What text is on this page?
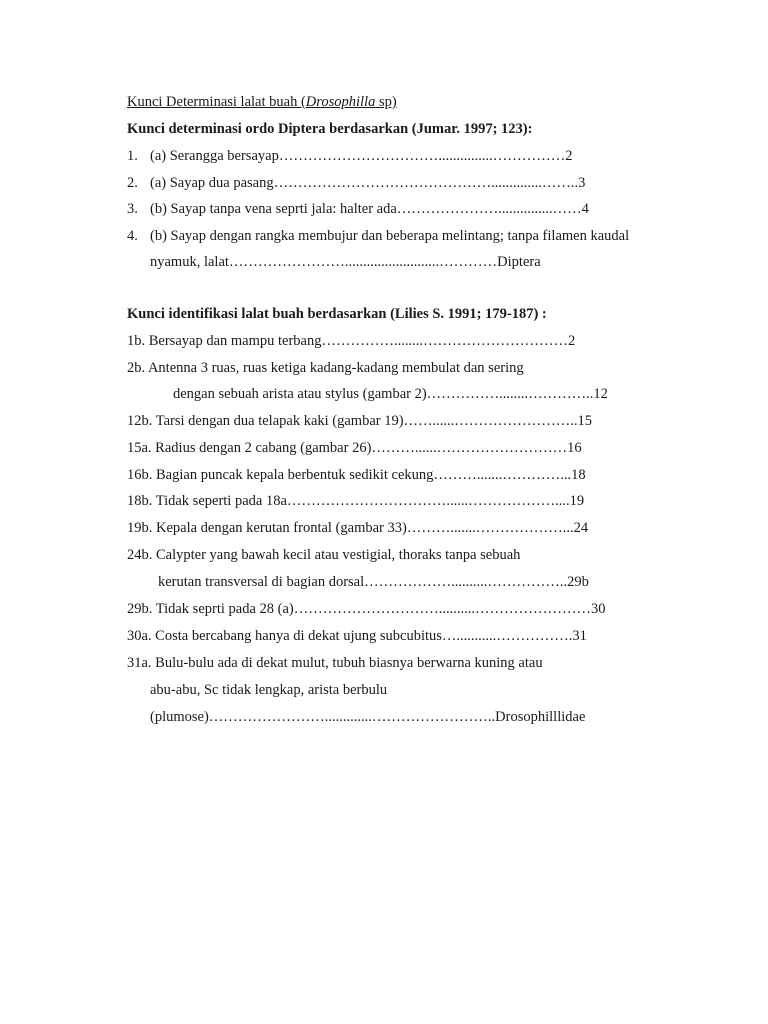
Kunci Determinasi lalat buah (Drosophilla sp)
Kunci determinasi ordo Diptera berdasarkan (Jumar. 1997; 123):
1. (a) Serangga bersayap……………………………...............……………2
2. (a) Sayap dua pasang………………………………………..............……..3
3. (b) Sayap tanpa vena seprti jala: halter ada…………………...............……4
4. (b) Sayap dengan rangka membujur dan beberapa melintang; tanpa filamen kaudal
nyamuk, lalat……………………..........................…………Diptera
Kunci identifikasi lalat buah berdasarkan (Lilies S. 1991; 179-187) :
1b. Bersayap dan mampu terbang……………........…………………………2
2b. Antenna 3 ruas, ruas ketiga kadang-kadang membulat dan sering
dengan sebuah arista atau stylus (gambar 2)……………........…………..12
12b. Tarsi dengan dua telapak kaki (gambar 19)……......……………………..15
15a. Radius dengan 2 cabang (gambar 26)………......………………………16
16b. Bagian puncak kepala berbentuk sedikit cekung……….......…………...18
18b. Tidak seperti pada 18a……………………………......………………....19
19b. Kepala dengan kerutan frontal (gambar 33)……….......………………...24
24b. Calypter yang bawah kecil atau vestigial, thoraks tanpa sebuah
kerutan transversal di bagian dorsal………………..........……………..29b
29b. Tidak seprti pada 28 (a)…………………………..........……………………30
30a. Costa bercabang hanya di dekat ujung subcubitus…...........…………….31
31a. Bulu-bulu ada di dekat mulut, tubuh biasnya berwarna kuning atau
abu-abu, Sc tidak lengkap, arista berbulu
(plumose)…………………….............……………………..Drosophilllidae
